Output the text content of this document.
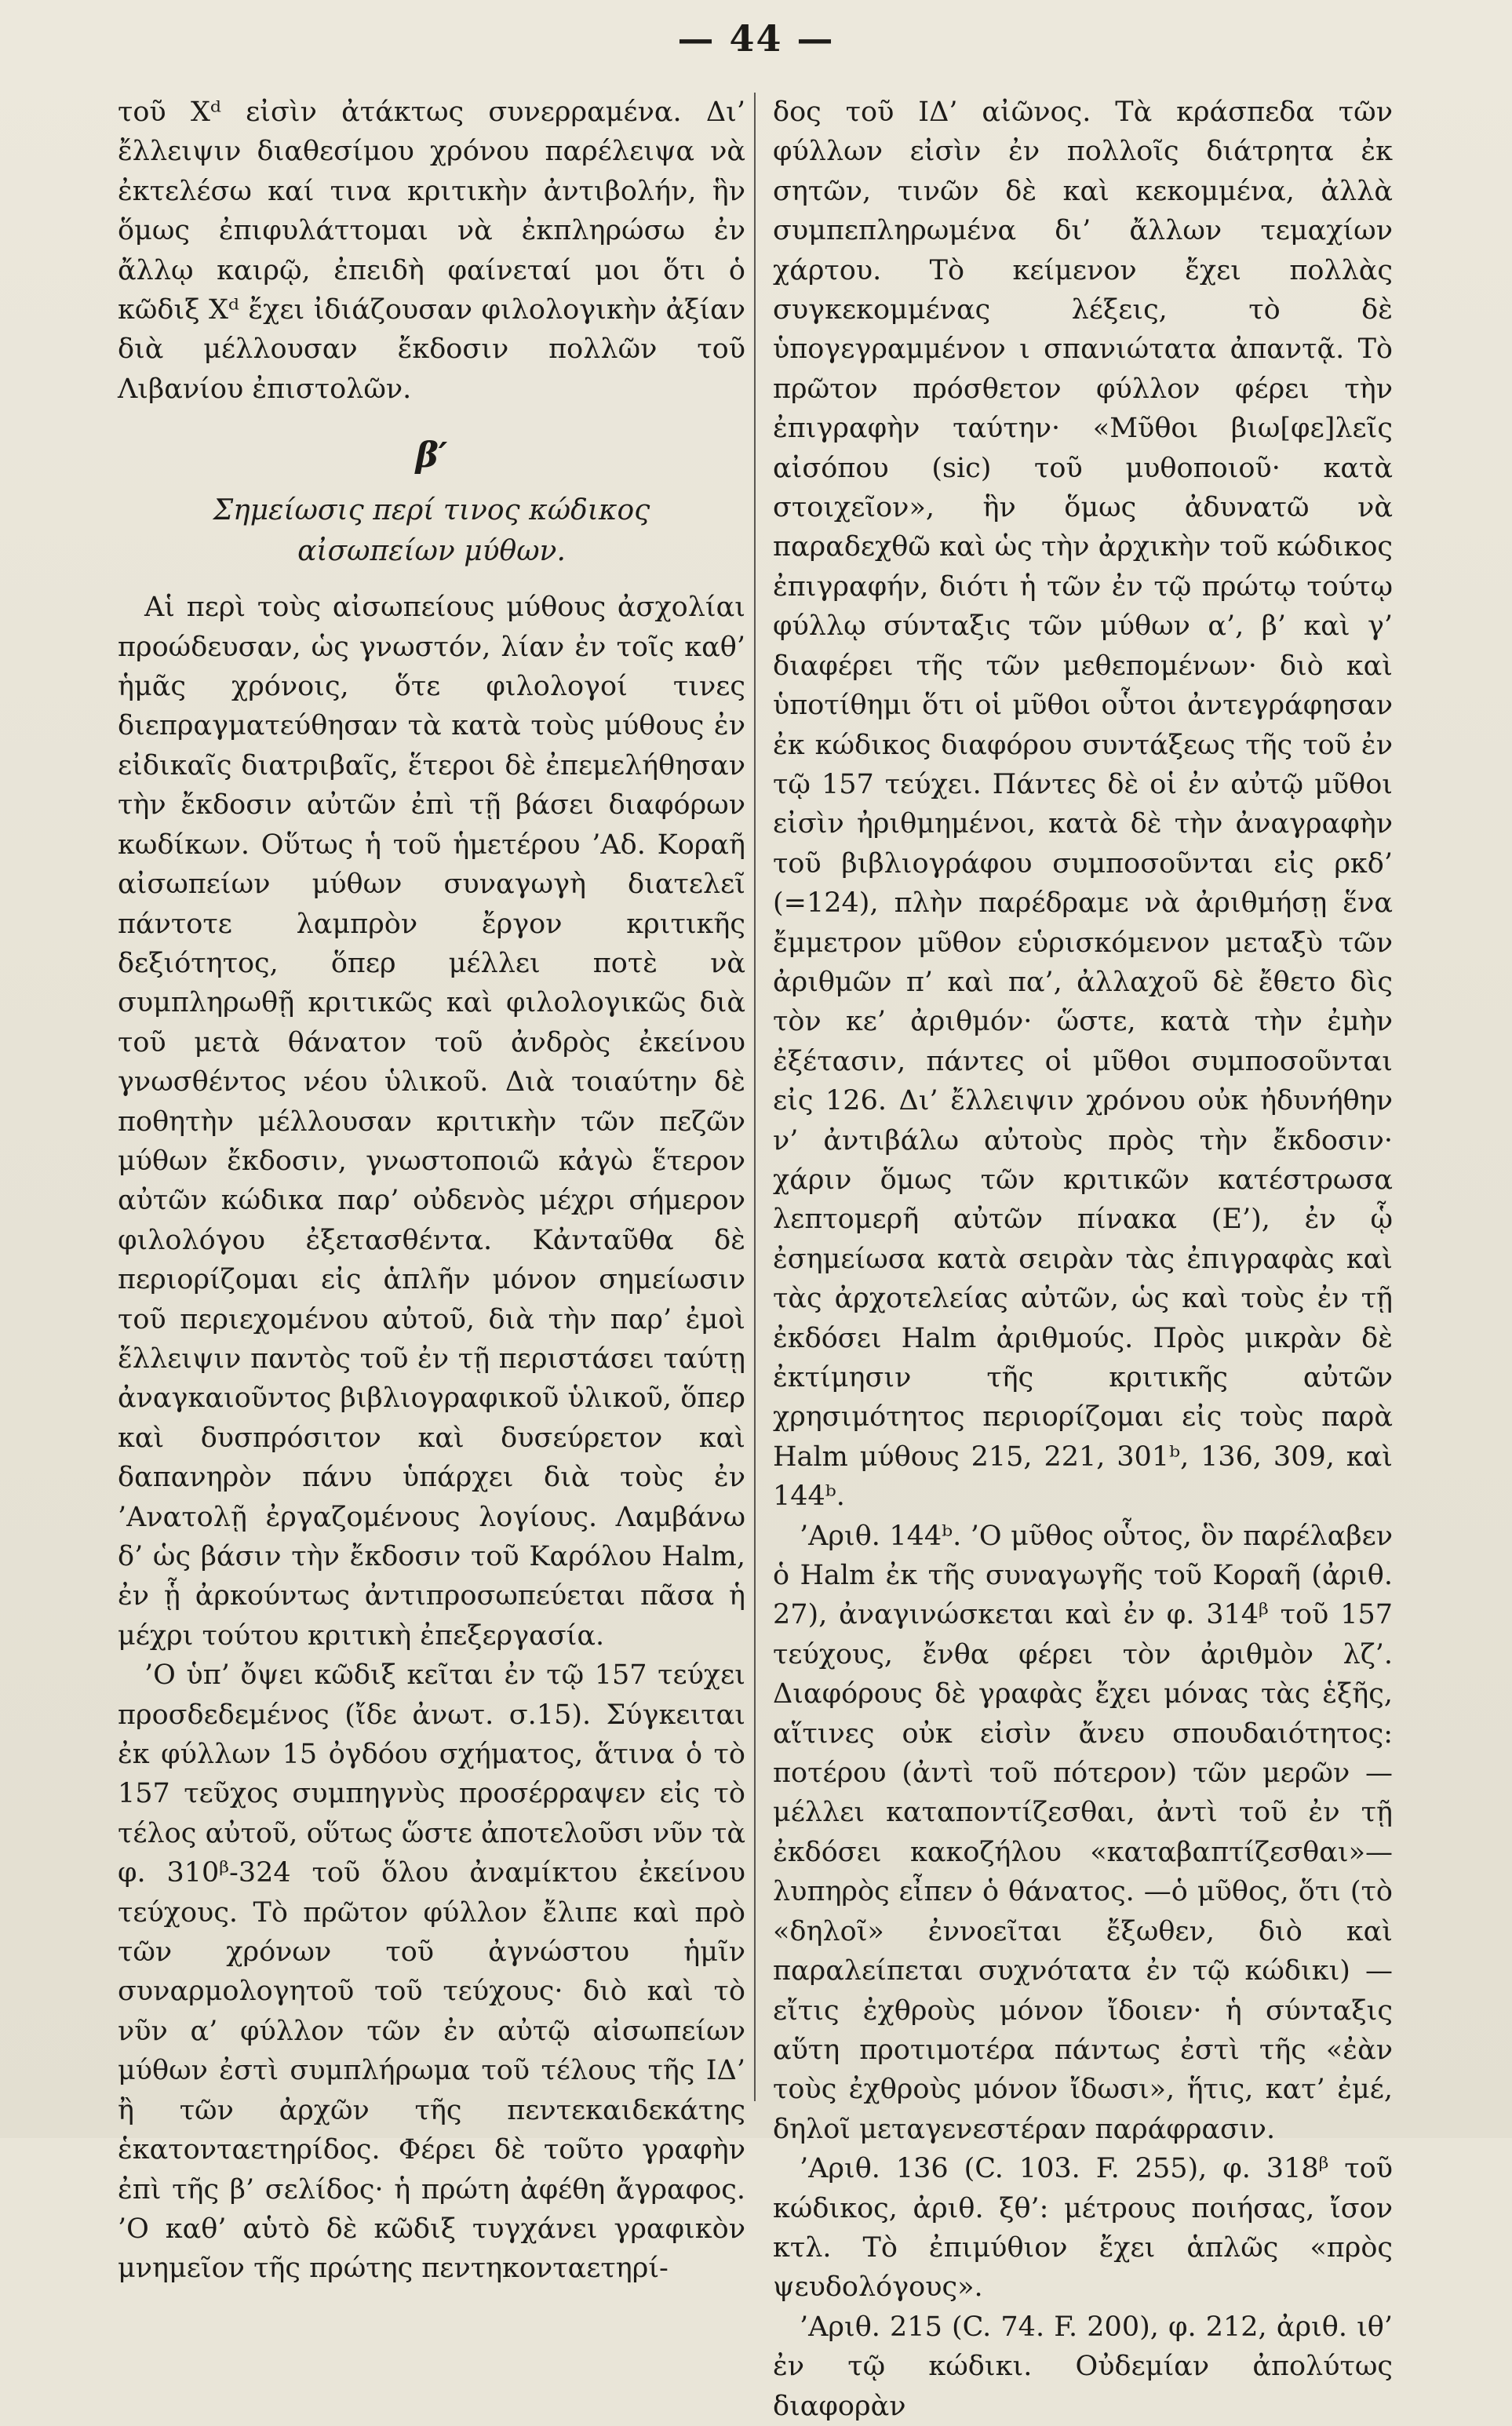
— 44 —

τοῦ Xᵈ εἰσὶν ἀτάκτως συνερραμένα. Δι’ ἔλλειψιν διαθεσίμου χρόνου παρέλειψα νὰ ἐκτελέσω καί τινα κριτικὴν ἀντιβολήν, ἣν ὅμως ἐπιφυλάττομαι νὰ ἐκπληρώσω ἐν ἄλλῳ καιρῷ, ἐπειδὴ φαίνεταί μοι ὅτι ὁ κῶδιξ Xᵈ ἔχει ἰδιάζουσαν φιλολογικὴν ἀξίαν διὰ μέλλουσαν ἔκδοσιν πολλῶν τοῦ Λιβανίου ἐπιστολῶν.

β′
Σημείωσις περί τινος κώδικος
αἰσωπείων μύθων.

Αἱ περὶ τοὺς αἰσωπείους μύθους ἀσχολίαι προώδευσαν, ὡς γνωστόν, λίαν ἐν τοῖς καθ’ ἡμᾶς χρόνοις, ὅτε φιλολογοί τινες διεπραγματεύθησαν τὰ κατὰ τοὺς μύθους ἐν εἰδικαῖς διατριβαῖς, ἕτεροι δὲ ἐπεμελήθησαν τὴν ἔκδοσιν αὐτῶν ἐπὶ τῇ βάσει διαφόρων κωδίκων. Οὕτως ἡ τοῦ ἡμετέρου ’Αδ. Κοραῆ αἰσωπείων μύθων συναγωγὴ διατελεῖ πάντοτε λαμπρὸν ἔργον κριτικῆς δεξιότητος, ὅπερ μέλλει ποτὲ νὰ συμπληρωθῇ κριτικῶς καὶ φιλολογικῶς διὰ τοῦ μετὰ θάνατον τοῦ ἀνδρὸς ἐκείνου γνωσθέντος νέου ὑλικοῦ. Διὰ τοιαύτην δὲ ποθητὴν μέλλουσαν κριτικὴν τῶν πεζῶν μύθων ἔκδοσιν, γνωστοποιῶ κἀγὼ ἕτερον αὐτῶν κώδικα παρ’ οὐδενὸς μέχρι σήμερον φιλολόγου ἐξετασθέντα. Κἀνταῦθα δὲ περιορίζομαι εἰς ἁπλῆν μόνον σημείωσιν τοῦ περιεχομένου αὐτοῦ, διὰ τὴν παρ’ ἐμοὶ ἔλλειψιν παντὸς τοῦ ἐν τῇ περιστάσει ταύτῃ ἀναγκαιοῦντος βιβλιογραφικοῦ ὑλικοῦ, ὅπερ καὶ δυσπρόσιτον καὶ δυσεύρετον καὶ δαπανηρὸν πάνυ ὑπάρχει διὰ τοὺς ἐν ’Ανατολῇ ἐργαζομένους λογίους. Λαμβάνω δ’ ὡς βάσιν τὴν ἔκδοσιν τοῦ Καρόλου Halm, ἐν ᾗ ἀρκούντως ἀντιπροσωπεύεται πᾶσα ἡ μέχρι τούτου κριτικὴ ἐπεξεργασία.

’Ο ὑπ’ ὄψει κῶδιξ κεῖται ἐν τῷ 157 τεύχει προσδεδεμένος (ἴδε ἀνωτ. σ.15). Σύγκειται ἐκ φύλλων 15 ὀγδόου σχήματος, ἅτινα ὁ τὸ 157 τεῦχος συμπηγνὺς προσέρραψεν εἰς τὸ τέλος αὐτοῦ, οὕτως ὥστε ἀποτελοῦσι νῦν τὰ φ. 310ᵝ-324 τοῦ ὅλου ἀναμίκτου ἐκείνου τεύχους. Τὸ πρῶτον φύλλον ἔλιπε καὶ πρὸ τῶν χρόνων τοῦ ἀγνώστου ἡμῖν συναρμολογητοῦ τοῦ τεύχους· διὸ καὶ τὸ νῦν α’ φύλλον τῶν ἐν αὐτῷ αἰσωπείων μύθων ἐστὶ συμπλήρωμα τοῦ τέλους τῆς ΙΔ’ ἢ τῶν ἀρχῶν τῆς πεντεκαιδεκάτης ἑκατονταετηρίδος. Φέρει δὲ τοῦτο γραφὴν ἐπὶ τῆς β’ σελίδος· ἡ πρώτη ἀφέθη ἄγραφος. ’Ο καθ’ αὑτὸ δὲ κῶδιξ τυγχάνει γραφικὸν μνημεῖον τῆς πρώτης πεντηκονταετηρί-

δος τοῦ ΙΔ’ αἰῶνος. Τὰ κράσπεδα τῶν φύλλων εἰσὶν ἐν πολλοῖς διάτρητα ἐκ σητῶν, τινῶν δὲ καὶ κεκομμένα, ἀλλὰ συμπεπληρωμένα δι’ ἄλλων τεμαχίων χάρτου. Τὸ κείμενον ἔχει πολλὰς συγκεκομμένας λέξεις, τὸ δὲ ὑπογεγραμμένον ι σπανιώτατα ἀπαντᾷ. Τὸ πρῶτον πρόσθετον φύλλον φέρει τὴν ἐπιγραφὴν ταύτην· «Μῦθοι βιω[φε]λεῖς αἰσόπου (sic) τοῦ μυθοποιοῦ· κατὰ στοιχεῖον», ἣν ὅμως ἀδυνατῶ νὰ παραδεχθῶ καὶ ὡς τὴν ἀρχικὴν τοῦ κώδικος ἐπιγραφήν, διότι ἡ τῶν ἐν τῷ πρώτῳ τούτῳ φύλλῳ σύνταξις τῶν μύθων α’, β’ καὶ γ’ διαφέρει τῆς τῶν μεθεπομένων· διὸ καὶ ὑποτίθημι ὅτι οἱ μῦθοι οὗτοι ἀντεγράφησαν ἐκ κώδικος διαφόρου συντάξεως τῆς τοῦ ἐν τῷ 157 τεύχει. Πάντες δὲ οἱ ἐν αὐτῷ μῦθοι εἰσὶν ἠριθμημένοι, κατὰ δὲ τὴν ἀναγραφὴν τοῦ βιβλιογράφου συμποσοῦνται εἰς ρκδ’ (=124), πλὴν παρέδραμε νὰ ἀριθμήσῃ ἕνα ἔμμετρον μῦθον εὑρισκόμενον μεταξὺ τῶν ἀριθμῶν π’ καὶ πα’, ἀλλαχοῦ δὲ ἔθετο δὶς τὸν κε’ ἀριθμόν· ὥστε, κατὰ τὴν ἐμὴν ἐξέτασιν, πάντες οἱ μῦθοι συμποσοῦνται εἰς 126. Δι’ ἔλλειψιν χρόνου οὐκ ἠδυνήθην ν’ ἀντιβάλω αὐτοὺς πρὸς τὴν ἔκδοσιν· χάριν ὅμως τῶν κριτικῶν κατέστρωσα λεπτομερῆ αὐτῶν πίνακα (Ε’), ἐν ᾧ ἐσημείωσα κατὰ σειρὰν τὰς ἐπιγραφὰς καὶ τὰς ἀρχοτελείας αὐτῶν, ὡς καὶ τοὺς ἐν τῇ ἐκδόσει Halm ἀριθμούς. Πρὸς μικρὰν δὲ ἐκτίμησιν τῆς κριτικῆς αὐτῶν χρησιμότητος περιορίζομαι εἰς τοὺς παρὰ Halm μύθους 215, 221, 301ᵇ, 136, 309, καὶ 144ᵇ.

’Αριθ. 144ᵇ. ’Ο μῦθος οὗτος, ὃν παρέλαβεν ὁ Halm ἐκ τῆς συναγωγῆς τοῦ Κοραῆ (ἀριθ. 27), ἀναγινώσκεται καὶ ἐν φ. 314ᵝ τοῦ 157 τεύχους, ἔνθα φέρει τὸν ἀριθμὸν λζ’. Διαφόρους δὲ γραφὰς ἔχει μόνας τὰς ἑξῆς, αἵτινες οὐκ εἰσὶν ἄνευ σπουδαιότητος: ποτέρου (ἀντὶ τοῦ πότερον) τῶν μερῶν — μέλλει καταποντίζεσθαι, ἀντὶ τοῦ ἐν τῇ ἐκδόσει κακοζήλου «καταβαπτίζεσθαι»— λυπηρὸς εἶπεν ὁ θάνατος. —ὁ μῦθος, ὅτι (τὸ «δηλοῖ» ἐννοεῖται ἔξωθεν, διὸ καὶ παραλείπεται συχνότατα ἐν τῷ κώδικι) — εἴτις ἐχθροὺς μόνον ἴδοιεν· ἡ σύνταξις αὕτη προτιμοτέρα πάντως ἐστὶ τῆς «ἐὰν τοὺς ἐχθροὺς μόνον ἴδωσι», ἥτις, κατ’ ἐμέ, δηλοῖ μεταγενεστέραν παράφρασιν.

’Αριθ. 136 (C. 103. F. 255), φ. 318ᵝ τοῦ κώδικος, ἀριθ. ξθ’: μέτρους ποιήσας, ἴσον κτλ. Τὸ ἐπιμύθιον ἔχει ἁπλῶς «πρὸς ψευδολόγους».

’Αριθ. 215 (C. 74. F. 200), φ. 212, ἀριθ. ιθ’ ἐν τῷ κώδικι. Οὐδεμίαν ἀπολύτως διαφορὰν
